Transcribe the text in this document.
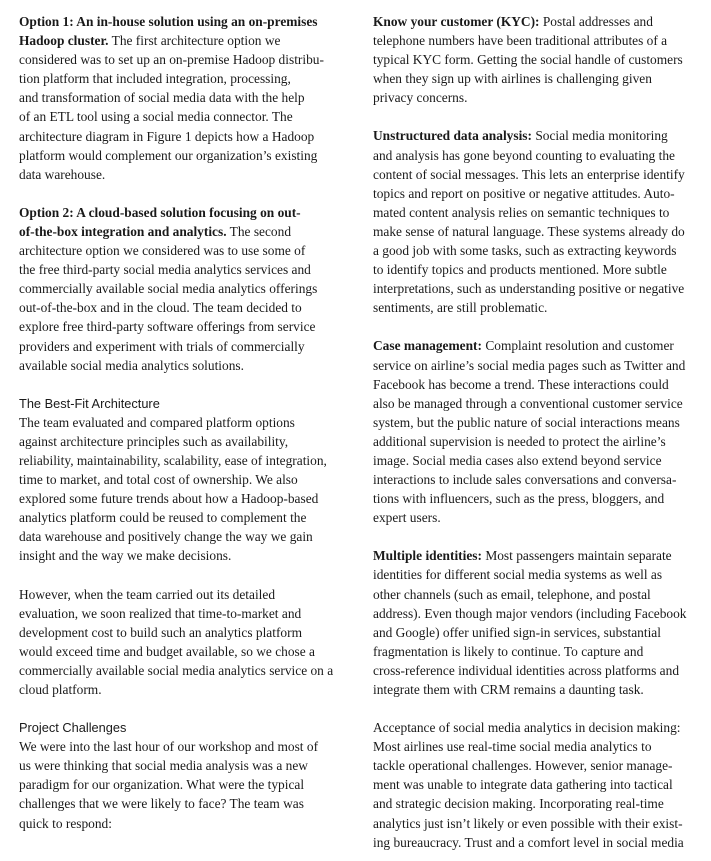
Option 1: An in-house solution using an on-premises
Hadoop cluster. The first architecture option we
considered was to set up an on-premise Hadoop distribu-
tion platform that included integration, processing,
and transformation of social media data with the help
of an ETL tool using a social media connector. The
architecture diagram in Figure 1 depicts how a Hadoop
platform would complement our organization’s existing
data warehouse.
Option 2: A cloud-based solution focusing on out-
of-the-box integration and analytics. The second
architecture option we considered was to use some of
the free third-party social media analytics services and
commercially available social media analytics offerings
out-of-the-box and in the cloud. The team decided to
explore free third-party software offerings from service
providers and experiment with trials of commercially
available social media analytics solutions.
The Best-Fit Architecture
The team evaluated and compared platform options
against architecture principles such as availability,
reliability, maintainability, scalability, ease of integration,
time to market, and total cost of ownership. We also
explored some future trends about how a Hadoop-based
analytics platform could be reused to complement the
data warehouse and positively change the way we gain
insight and the way we make decisions.
However, when the team carried out its detailed
evaluation, we soon realized that time-to-market and
development cost to build such an analytics platform
would exceed time and budget available, so we chose a
commercially available social media analytics service on a
cloud platform.
Project Challenges
We were into the last hour of our workshop and most of
us were thinking that social media analysis was a new
paradigm for our organization. What were the typical
challenges that we were likely to face? The team was
quick to respond:
Know your customer (KYC): Postal addresses and
telephone numbers have been traditional attributes of a
typical KYC form. Getting the social handle of customers
when they sign up with airlines is challenging given
privacy concerns.
Unstructured data analysis: Social media monitoring
and analysis has gone beyond counting to evaluating the
content of social messages. This lets an enterprise identify
topics and report on positive or negative attitudes. Auto-
mated content analysis relies on semantic techniques to
make sense of natural language. These systems already do
a good job with some tasks, such as extracting keywords
to identify topics and products mentioned. More subtle
interpretations, such as understanding positive or negative
sentiments, are still problematic.
Case management: Complaint resolution and customer
service on airline’s social media pages such as Twitter and
Facebook has become a trend. These interactions could
also be managed through a conventional customer service
system, but the public nature of social interactions means
additional supervision is needed to protect the airline’s
image. Social media cases also extend beyond service
interactions to include sales conversations and conversa-
tions with influencers, such as the press, bloggers, and
expert users.
Multiple identities: Most passengers maintain separate
identities for different social media systems as well as
other channels (such as email, telephone, and postal
address). Even though major vendors (including Facebook
and Google) offer unified sign-in services, substantial
fragmentation is likely to continue. To capture and
cross-reference individual identities across platforms and
integrate them with CRM remains a daunting task.
Acceptance of social media analytics in decision making:
Most airlines use real-time social media analytics to
tackle operational challenges. However, senior manage-
ment was unable to integrate data gathering into tactical
and strategic decision making. Incorporating real-time
analytics just isn’t likely or even possible with their exist-
ing bureaucracy. Trust and a comfort level in social media
